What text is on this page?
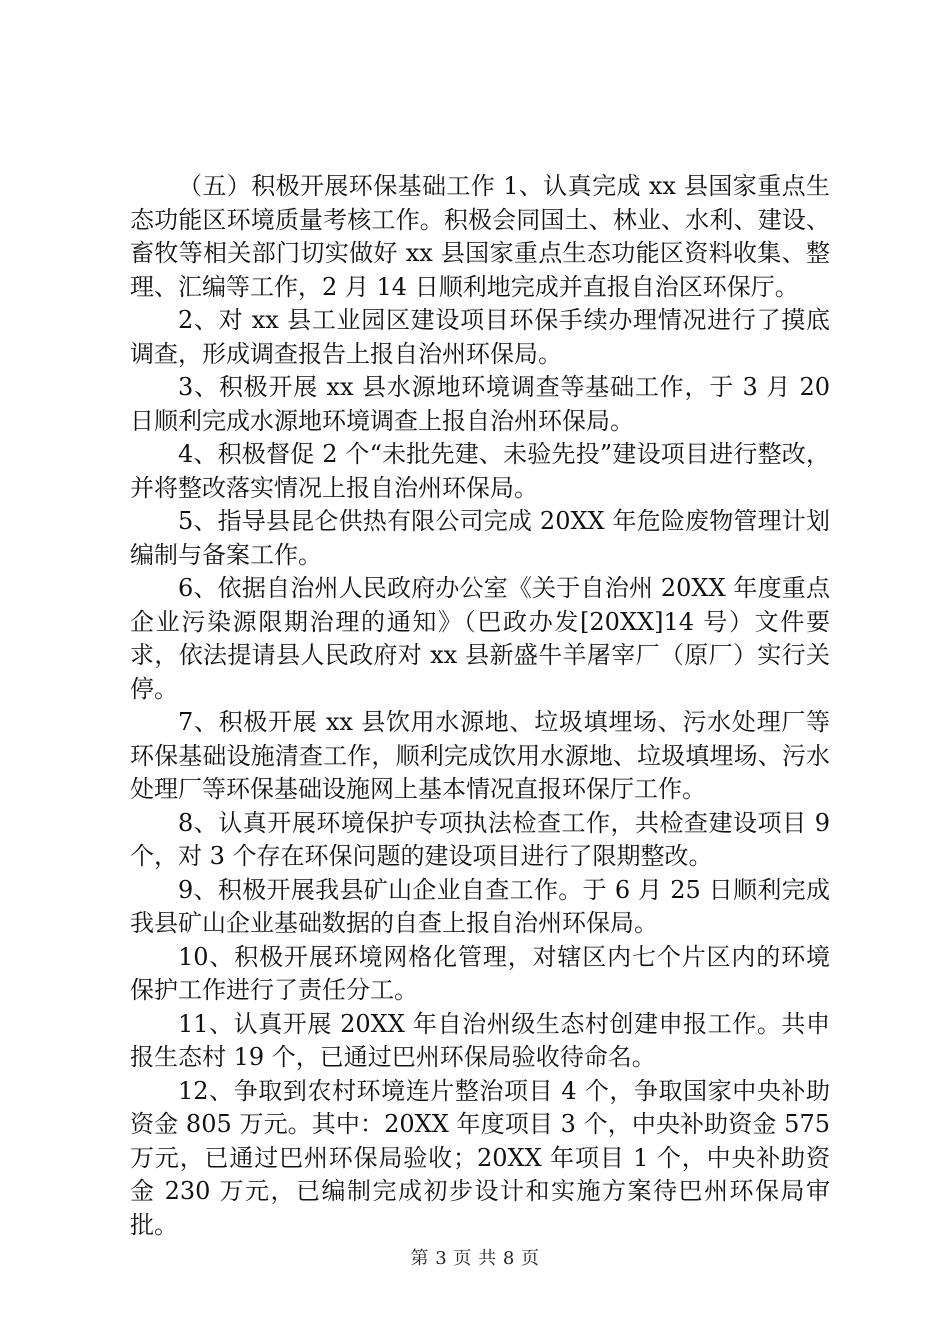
（五）积极开展环保基础工作 1、认真完成 xx 县国家重点生态功能区环境质量考核工作。积极会同国土、林业、水利、建设、畜牧等相关部门切实做好 xx 县国家重点生态功能区资料收集、整理、汇编等工作，2 月 14 日顺利地完成并直报自治区环保厅。

2、对 xx 县工业园区建设项目环保手续办理情况进行了摸底调查，形成调查报告上报自治州环保局。

3、积极开展 xx 县水源地环境调查等基础工作，于 3 月 20 日顺利完成水源地环境调查上报自治州环保局。

4、积极督促 2 个“未批先建、未验先投”建设项目进行整改，并将整改落实情况上报自治州环保局。

5、指导县昆仑供热有限公司完成 20XX 年危险废物管理计划编制与备案工作。

6、依据自治州人民政府办公室《关于自治州 20XX 年度重点企业污染源限期治理的通知》（巴政办发[20XX]14 号）文件要求，依法提请县人民政府对 xx 县新盛牛羊屠宰厂（原厂）实行关停。

7、积极开展 xx 县饮用水源地、垃圾填埋场、污水处理厂等环保基础设施清查工作，顺利完成饮用水源地、垃圾填埋场、污水处理厂等环保基础设施网上基本情况直报环保厅工作。

8、认真开展环境保护专项执法检查工作，共检查建设项目 9 个，对 3 个存在环保问题的建设项目进行了限期整改。

9、积极开展我县矿山企业自查工作。于 6 月 25 日顺利完成我县矿山企业基础数据的自查上报自治州环保局。

10、积极开展环境网格化管理，对辖区内七个片区内的环境保护工作进行了责任分工。

11、认真开展 20XX 年自治州级生态村创建申报工作。共申报生态村 19 个，已通过巴州环保局验收待命名。

12、争取到农村环境连片整治项目 4 个，争取国家中央补助资金 805 万元。其中：20XX 年度项目 3 个，中央补助资金 575 万元，已通过巴州环保局验收；20XX 年项目 1 个，中央补助资金 230 万元，已编制完成初步设计和实施方案待巴州环保局审批。

第 3 页 共 8 页
